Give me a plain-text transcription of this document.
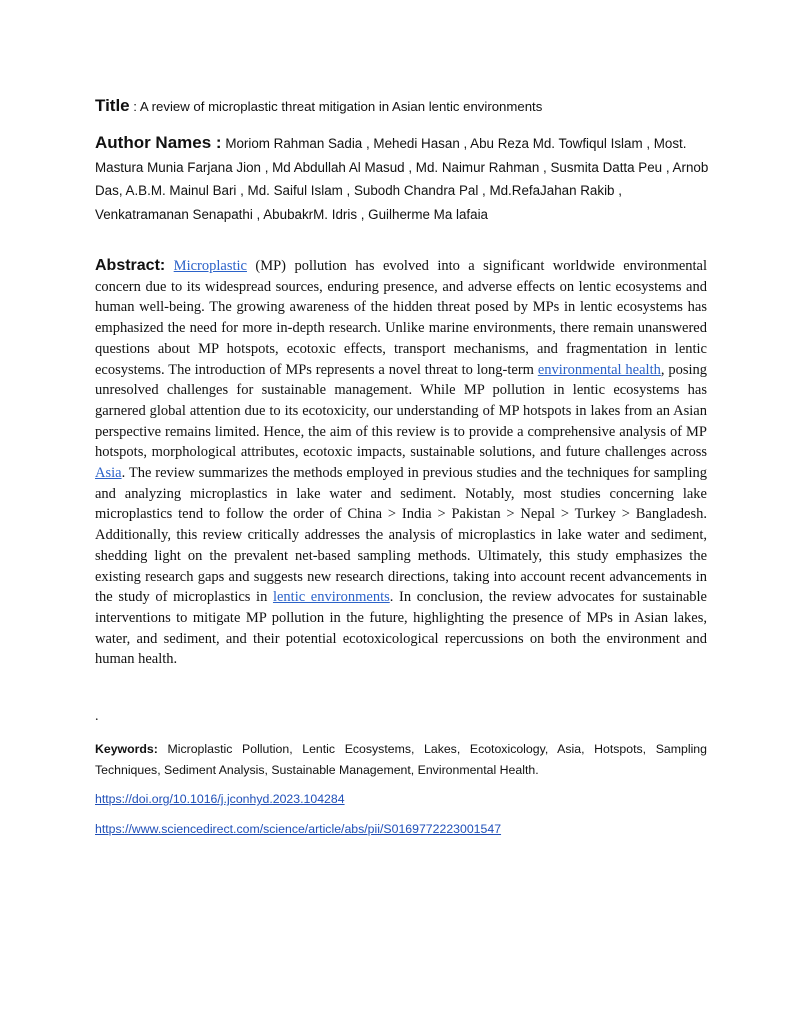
Title : A review of microplastic threat mitigation in Asian lentic environments
Author Names : Moriom Rahman Sadia , Mehedi Hasan , Abu Reza Md. Towfiqul Islam , Most. Mastura Munia Farjana Jion , Md Abdullah Al Masud , Md. Naimur Rahman , Susmita Datta Peu , Arnob Das, A.B.M. Mainul Bari , Md. Saiful Islam , Subodh Chandra Pal , Md.RefaJahan Rakib , Venkatramanan Senapathi , AbubakrM. Idris , Guilherme Ma lafaia
Abstract: Microplastic (MP) pollution has evolved into a significant worldwide environmental concern due to its widespread sources, enduring presence, and adverse effects on lentic ecosystems and human well-being. The growing awareness of the hidden threat posed by MPs in lentic ecosystems has emphasized the need for more in-depth research. Unlike marine environments, there remain unanswered questions about MP hotspots, ecotoxic effects, transport mechanisms, and fragmentation in lentic ecosystems. The introduction of MPs represents a novel threat to long-term environmental health, posing unresolved challenges for sustainable management. While MP pollution in lentic ecosystems has garnered global attention due to its ecotoxicity, our understanding of MP hotspots in lakes from an Asian perspective remains limited. Hence, the aim of this review is to provide a comprehensive analysis of MP hotspots, morphological attributes, ecotoxic impacts, sustainable solutions, and future challenges across Asia. The review summarizes the methods employed in previous studies and the techniques for sampling and analyzing microplastics in lake water and sediment. Notably, most studies concerning lake microplastics tend to follow the order of China > India > Pakistan > Nepal > Turkey > Bangladesh. Additionally, this review critically addresses the analysis of microplastics in lake water and sediment, shedding light on the prevalent net-based sampling methods. Ultimately, this study emphasizes the existing research gaps and suggests new research directions, taking into account recent advancements in the study of microplastics in lentic environments. In conclusion, the review advocates for sustainable interventions to mitigate MP pollution in the future, highlighting the presence of MPs in Asian lakes, water, and sediment, and their potential ecotoxicological repercussions on both the environment and human health.
.
Keywords: Microplastic Pollution, Lentic Ecosystems, Lakes, Ecotoxicology, Asia, Hotspots, Sampling Techniques, Sediment Analysis, Sustainable Management, Environmental Health.
https://doi.org/10.1016/j.jconhyd.2023.104284
https://www.sciencedirect.com/science/article/abs/pii/S0169772223001547
